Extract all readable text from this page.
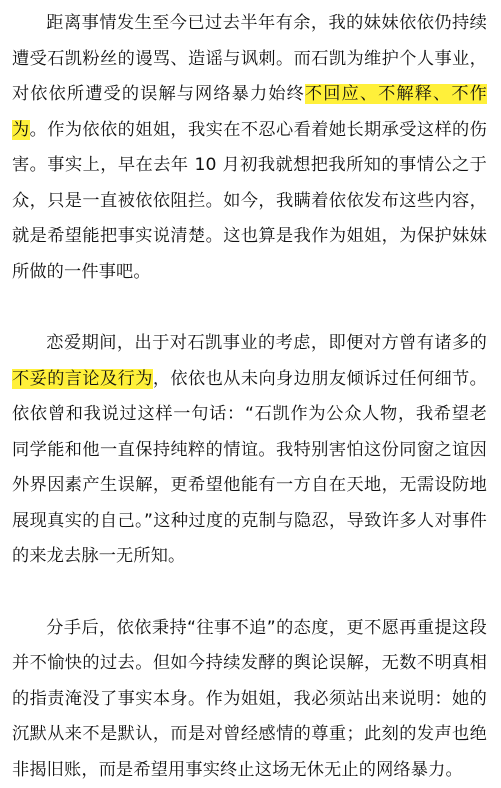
距离事情发生至今已过去半年有余，我的妹妹依依仍持续遭受石凯粉丝的谩骂、造谣与讽刺。而石凯为维护个人事业，对依依所遭受的误解与网络暴力始终不回应、不解释、不作为。作为依依的姐姐，我实在不忍心看着她长期承受这样的伤害。事实上，早在去年 10 月初我就想把我所知的事情公之于众，只是一直被依依阻拦。如今，我瞒着依依发布这些内容，就是希望能把事实说清楚。这也算是我作为姐姐，为保护妹妹所做的一件事吧。

恋爱期间，出于对石凯事业的考虑，即便对方曾有诸多的不妥的言论及行为，依依也从未向身边朋友倾诉过任何细节。依依曾和我说过这样一句话：“石凯作为公众人物，我希望老同学能和他一直保持纯粹的情谊。我特别害怕这份同窗之谊因外界因素产生误解，更希望他能有一方自在天地，无需设防地展现真实的自己。”这种过度的克制与隐忍，导致许多人对事件的来龙去脉一无所知。

分手后，依依秉持“往事不追”的态度，更不愿再重提这段并不愉快的过去。但如今持续发酵的舆论误解，无数不明真相的指责淹没了事实本身。作为姐姐，我必须站出来说明：她的沉默从来不是默认，而是对曾经感情的尊重；此刻的发声也绝非揭旧账，而是希望用事实终止这场无休无止的网络暴力。
